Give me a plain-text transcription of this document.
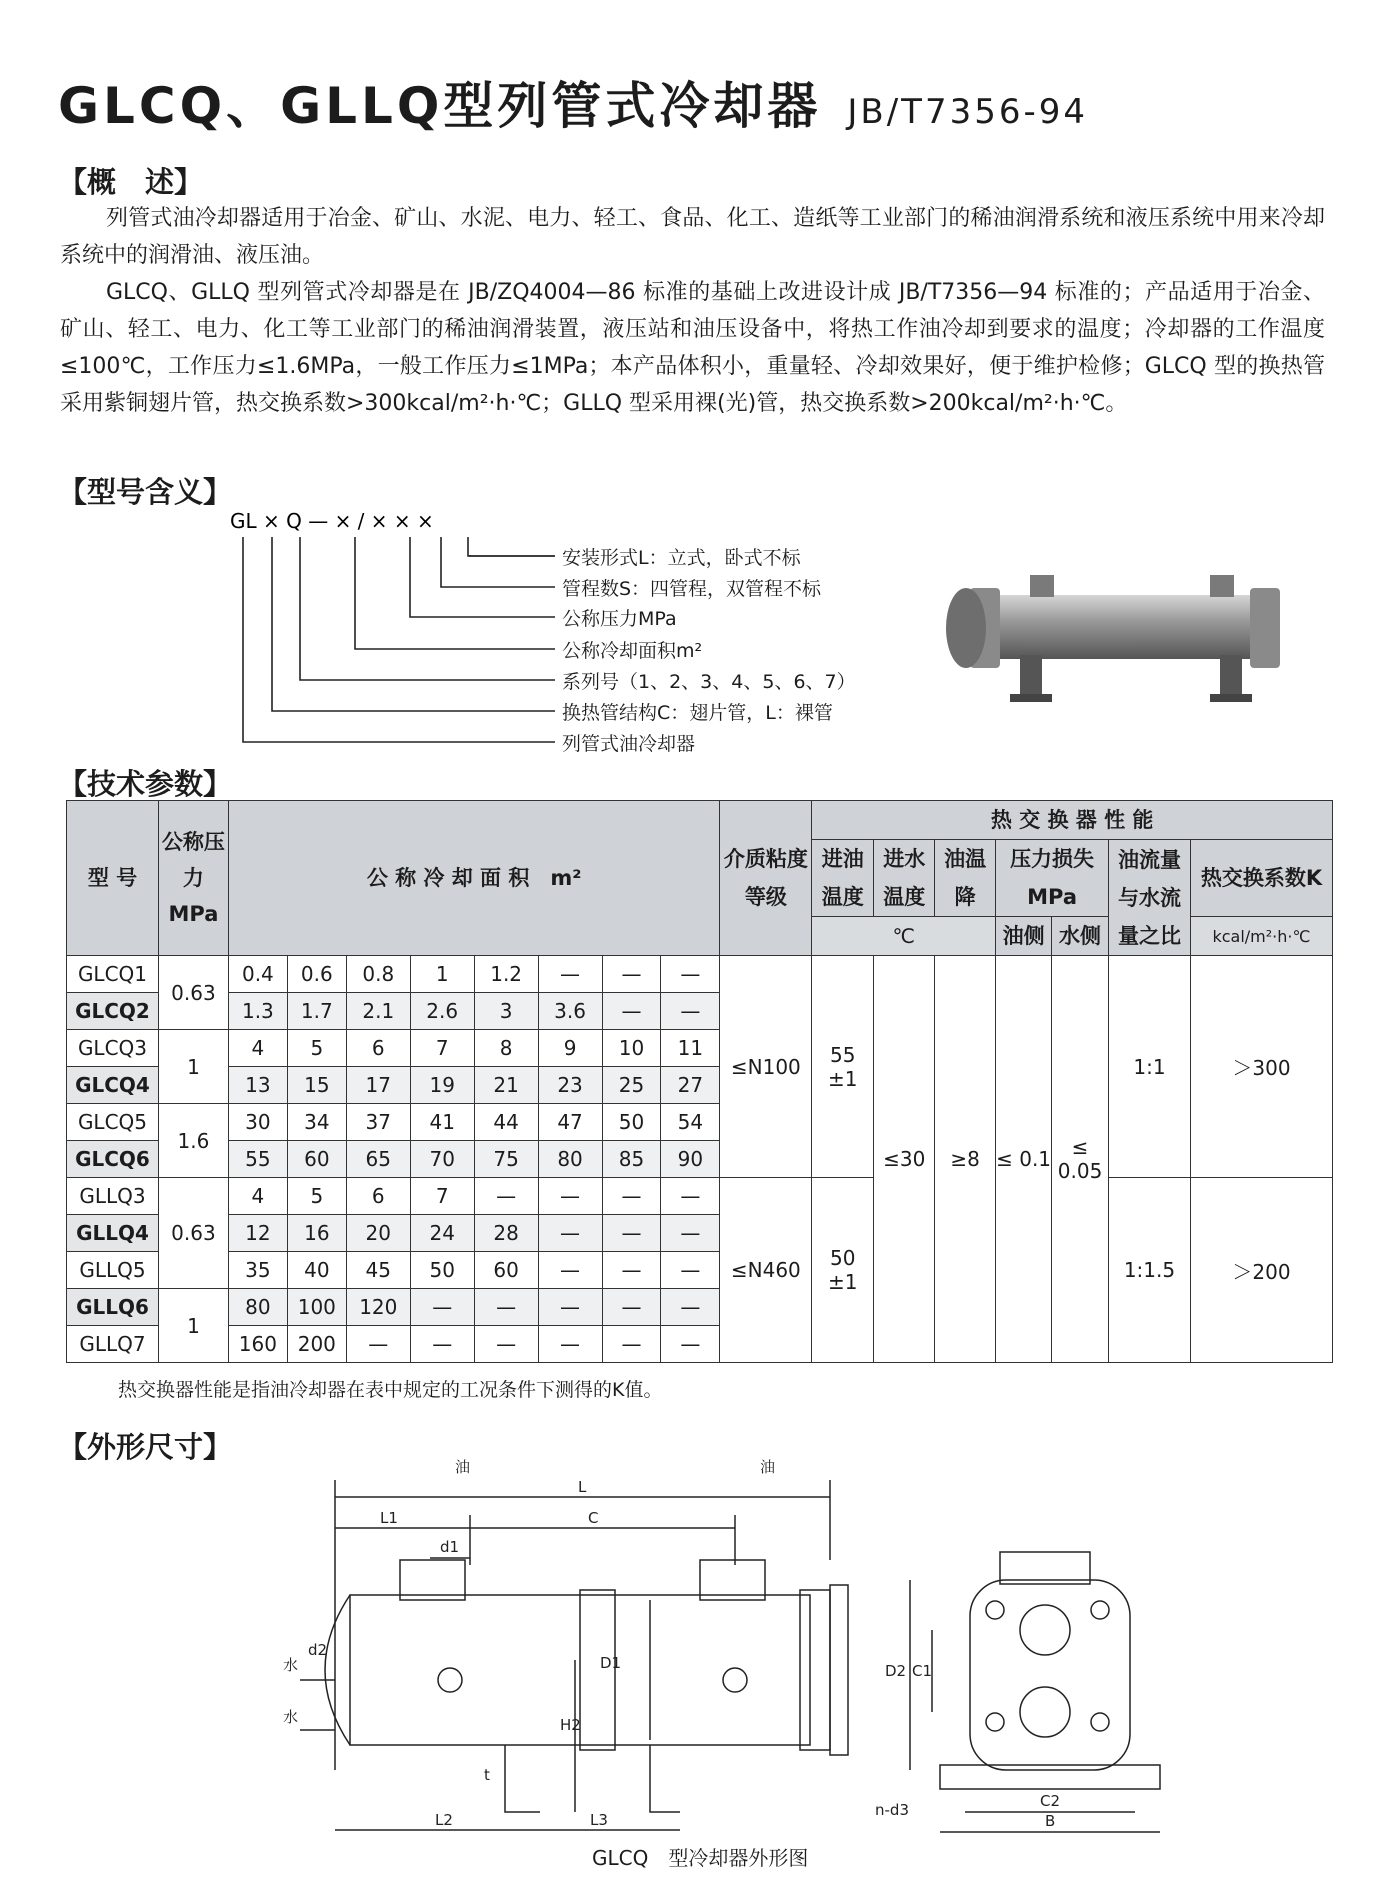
GLCQ、GLLQ型列管式冷却器 JB/T7356-94
【概　述】

列管式油冷却器适用于冶金、矿山、水泥、电力、轻工、食品、化工、造纸等工业部门的稀油润滑系统和液压系统中用来冷却系统中的润滑油、液压油。

GLCQ、GLLQ 型列管式冷却器是在 JB/ZQ4004—86 标准的基础上改进设计成 JB/T7356—94 标准的；产品适用于冶金、矿山、轻工、电力、化工等工业部门的稀油润滑装置，液压站和油压设备中，将热工作油冷却到要求的温度；冷却器的工作温度≤100℃，工作压力≤1.6MPa，一般工作压力≤1MPa；本产品体积小，重量轻、冷却效果好，便于维护检修；GLCQ 型的换热管采用紫铜翅片管，热交换系数>300kcal/m²·h·℃；GLLQ 型采用裸(光)管，热交换系数>200kcal/m²·h·℃。

【型号含义】
GL × Q — × / × × ×
安装形式L：立式，卧式不标
管程数S：四管程，双管程不标
公称压力MPa
公称冷却面积m²
系列号（1、2、3、4、5、6、7）
换热管结构C：翅片管，L：裸管
列管式油冷却器
【技术参数】
型 号	公称压力MPa	公 称 冷 却 面 积　m²								介质粘度等级	热 交 换 器 性 能						
											进油温度	进水温度	油温降	压力损失MPa		油流量与水流量之比	热交换系数K
											℃			油侧	水侧		kcal/m²·h·℃
GLCQ1	0.63	0.4	0.6	0.8	1	1.2	—	—	—	≤N100	55 ±1	≤30	≥8	≤ 0.1	≤ 0.05	1:1	＞300
GLCQ2		1.3	1.7	2.1	2.6	3	3.6	—	—								
GLCQ3	1	4	5	6	7	8	9	10	11								
GLCQ4		13	15	17	19	21	23	25	27								
GLCQ5	1.6	30	34	37	41	44	47	50	54								
GLCQ6		55	60	65	70	75	80	85	90								
GLLQ3	0.63	4	5	6	7	—	—	—	—	≤N460	50 ±1					1:1.5	＞200
GLLQ4		12	16	20	24	28	—	—	—								
GLLQ5		35	40	45	50	60	—	—	—								
GLLQ6	1	80	100	120	—	—	—	—	—								
GLLQ7		160	200	—	—	—	—	—	—								
热交换器性能是指油冷却器在表中规定的工况条件下测得的K值。
【外形尺寸】
油	油
水
水
L
L1	C
d1
d2
D1
H2
t
L2	L3
D2 C1
C2
B
n-d3
GLCQ　型冷却器外形图
